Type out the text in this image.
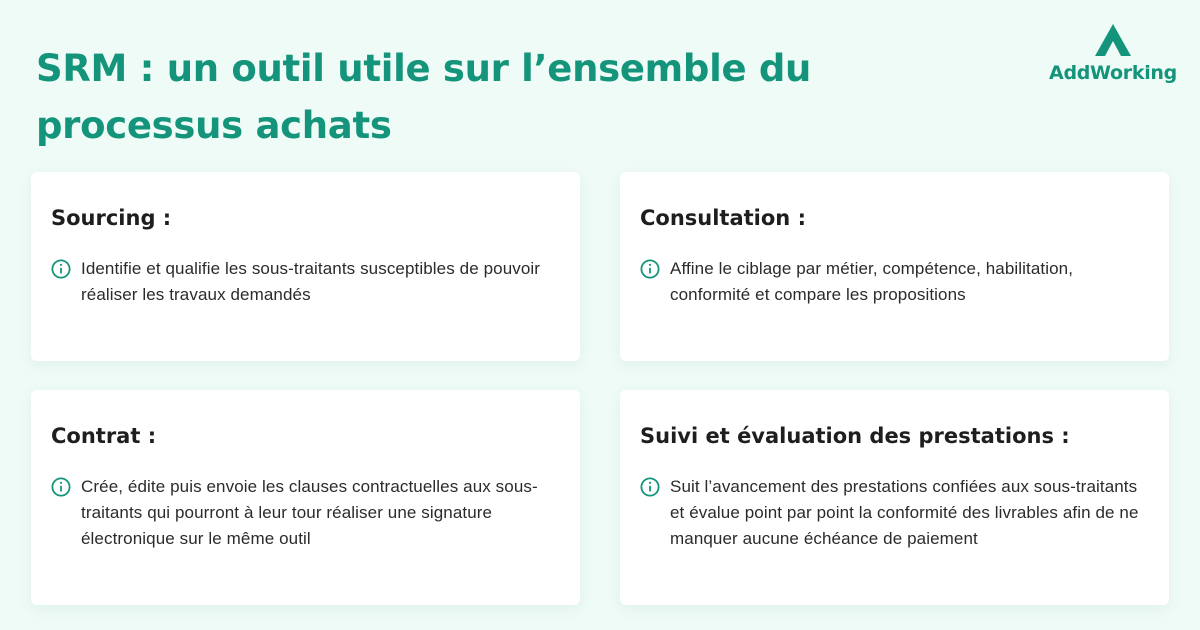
SRM : un outil utile sur l’ensemble du processus achats
AddWorking
Sourcing :

Identifie et qualifie les sous-traitants susceptibles de pouvoir réaliser les travaux demandés

Consultation :

Affine le ciblage par métier, compétence, habilitation, conformité et compare les propositions

Contrat :

Crée, édite puis envoie les clauses contractuelles aux sous-traitants qui pourront à leur tour réaliser une signature électronique sur le même outil

Suivi et évaluation des prestations :

Suit l’avancement des prestations confiées aux sous-traitants et évalue point par point la conformité des livrables afin de ne manquer aucune échéance de paiement
